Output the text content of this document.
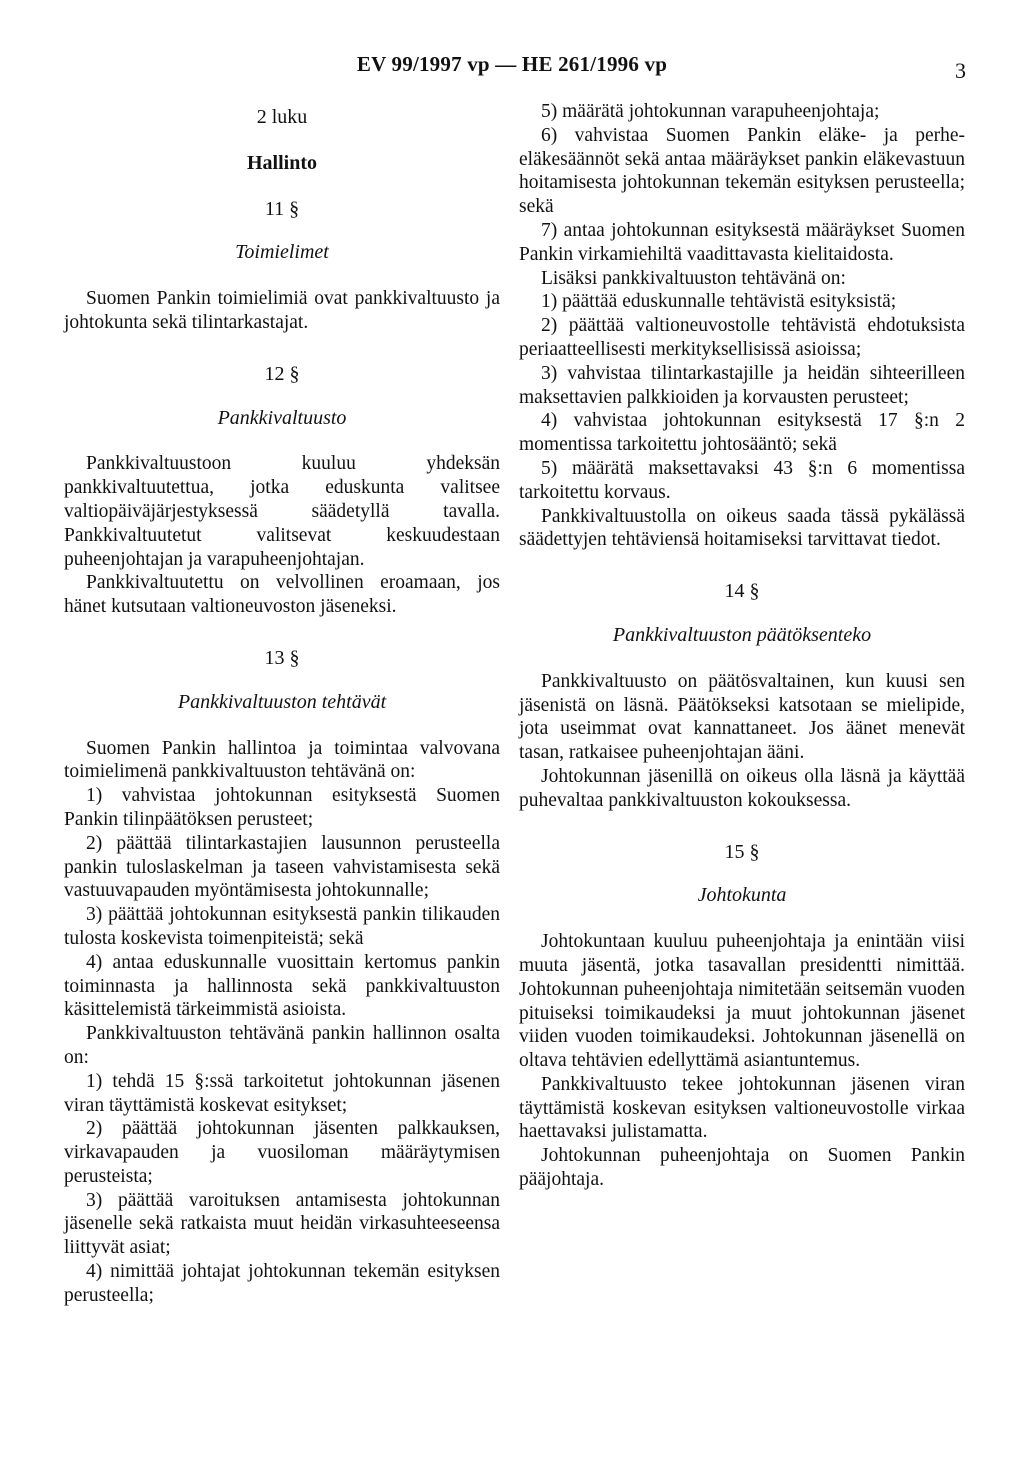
EV 99/1997 vp — HE 261/1996 vp	3
2 luku
Hallinto
11 §
Toimielimet

Suomen Pankin toimielimiä ovat pankkivaltuusto ja johtokunta sekä tilintarkastajat.

12 §
Pankkivaltuusto

Pankkivaltuustoon kuuluu yhdeksän pankkivaltuutettua, jotka eduskunta valitsee valtiopäiväjärjestyksessä säädetyllä tavalla. Pankkivaltuutetut valitsevat keskuudestaan puheenjohtajan ja varapuheenjohtajan.

Pankkivaltuutettu on velvollinen eroamaan, jos hänet kutsutaan valtioneuvoston jäseneksi.

13 §
Pankkivaltuuston tehtävät

Suomen Pankin hallintoa ja toimintaa valvovana toimielimenä pankkivaltuuston tehtävänä on:

1) vahvistaa johtokunnan esityksestä Suomen Pankin tilinpäätöksen perusteet;

2) päättää tilintarkastajien lausunnon perusteella pankin tuloslaskelman ja taseen vahvistamisesta sekä vastuuvapauden myöntämisesta johtokunnalle;

3) päättää johtokunnan esityksestä pankin tilikauden tulosta koskevista toimenpiteistä; sekä

4) antaa eduskunnalle vuosittain kertomus pankin toiminnasta ja hallinnosta sekä pankkivaltuuston käsittelemistä tärkeimmistä asioista.

Pankkivaltuuston tehtävänä pankin hallinnon osalta on:

1) tehdä 15 §:ssä tarkoitetut johtokunnan jäsenen viran täyttämistä koskevat esitykset;

2) päättää johtokunnan jäsenten palkkauksen, virkavapauden ja vuosiloman määräytymisen perusteista;

3) päättää varoituksen antamisesta johtokunnan jäsenelle sekä ratkaista muut heidän virkasuhteeseensa liittyvät asiat;

4) nimittää johtajat johtokunnan tekemän esityksen perusteella;

5) määrätä johtokunnan varapuheenjohtaja;

6) vahvistaa Suomen Pankin eläke- ja perhe-eläkesäännöt sekä antaa määräykset pankin eläkevastuun hoitamisesta johtokunnan tekemän esityksen perusteella; sekä

7) antaa johtokunnan esityksestä määräykset Suomen Pankin virkamiehiltä vaadittavasta kielitaidosta.

Lisäksi pankkivaltuuston tehtävänä on:

1) päättää eduskunnalle tehtävistä esityksistä;

2) päättää valtioneuvostolle tehtävistä ehdotuksista periaatteellisesti merkityksellisissä asioissa;

3) vahvistaa tilintarkastajille ja heidän sihteerilleen maksettavien palkkioiden ja korvausten perusteet;

4) vahvistaa johtokunnan esityksestä 17 §:n 2 momentissa tarkoitettu johtosääntö; sekä

5) määrätä maksettavaksi 43 §:n 6 momentissa tarkoitettu korvaus.

Pankkivaltuustolla on oikeus saada tässä pykälässä säädettyjen tehtäviensä hoitamiseksi tarvittavat tiedot.

14 §
Pankkivaltuuston päätöksenteko

Pankkivaltuusto on päätösvaltainen, kun kuusi sen jäsenistä on läsnä. Päätökseksi katsotaan se mielipide, jota useimmat ovat kannattaneet. Jos äänet menevät tasan, ratkaisee puheenjohtajan ääni.

Johtokunnan jäsenillä on oikeus olla läsnä ja käyttää puhevaltaa pankkivaltuuston kokouksessa.

15 §
Johtokunta

Johtokuntaan kuuluu puheenjohtaja ja enintään viisi muuta jäsentä, jotka tasavallan presidentti nimittää. Johtokunnan puheenjohtaja nimitetään seitsemän vuoden pituiseksi toimikaudeksi ja muut johtokunnan jäsenet viiden vuoden toimikaudeksi. Johtokunnan jäsenellä on oltava tehtävien edellyttämä asiantuntemus.

Pankkivaltuusto tekee johtokunnan jäsenen viran täyttämistä koskevan esityksen valtioneuvostolle virkaa haettavaksi julistamatta.

Johtokunnan puheenjohtaja on Suomen Pankin pääjohtaja.
